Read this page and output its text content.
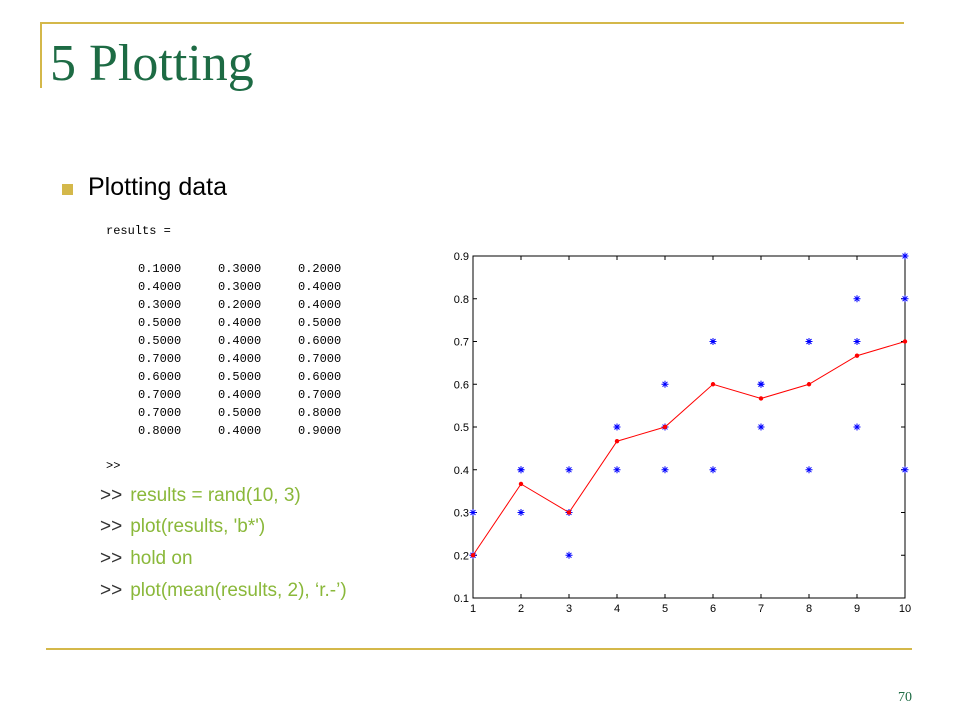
5 Plotting
Plotting data
results =
0.1000	0.3000	0.2000
0.4000	0.3000	0.4000
0.3000	0.2000	0.4000
0.5000	0.4000	0.5000
0.5000	0.4000	0.6000
0.7000	0.4000	0.7000
0.6000	0.5000	0.6000
0.7000	0.4000	0.7000
0.7000	0.5000	0.8000
0.8000	0.4000	0.9000
>>
>> results = rand(10, 3)
>> plot(results, 'b*')
>> hold on
>> plot(mean(results, 2), ‘r.-’)
1	2	3	4	5	6	7	8	9	10
0.1
0.2
0.3
0.4
0.5
0.6
0.7
0.8
0.9
70
